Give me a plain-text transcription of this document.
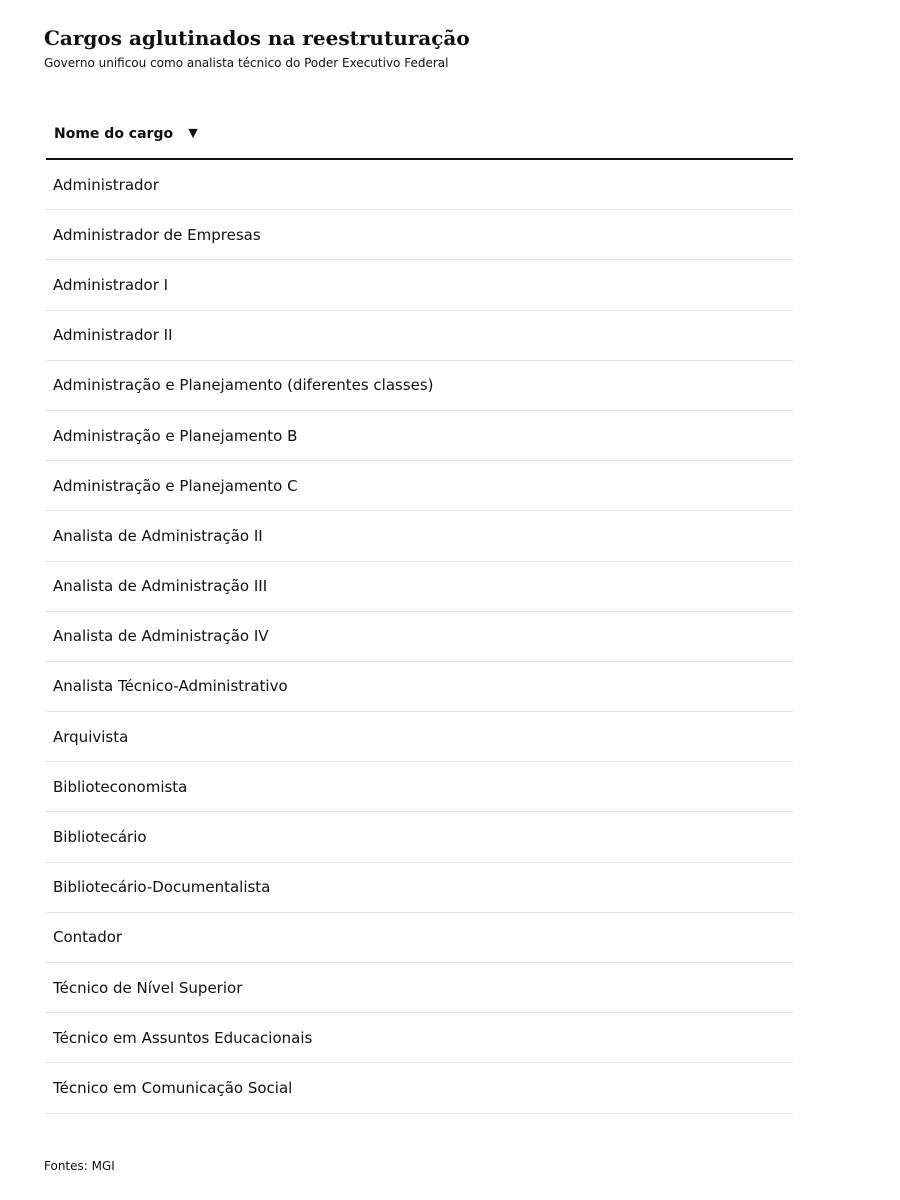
Cargos aglutinados na reestruturação
Governo unificou como analista técnico do Poder Executivo Federal
Nome do cargo ▼
Administrador
Administrador de Empresas
Administrador I
Administrador II
Administração e Planejamento (diferentes classes)
Administração e Planejamento B
Administração e Planejamento C
Analista de Administração II
Analista de Administração III
Analista de Administração IV
Analista Técnico-Administrativo
Arquivista
Biblioteconomista
Bibliotecário
Bibliotecário-Documentalista
Contador
Técnico de Nível Superior
Técnico em Assuntos Educacionais
Técnico em Comunicação Social
Fontes: MGI
